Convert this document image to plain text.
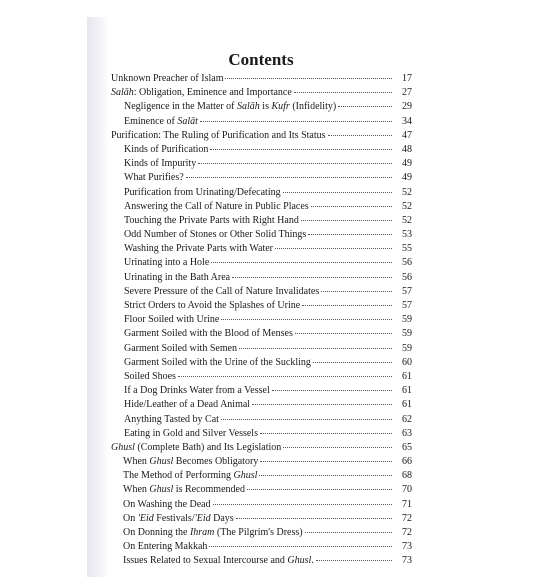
Contents
Unknown Preacher of Islam	17
Salāh: Obligation, Eminence and Importance	27
Negligence in the Matter of Salāh is Kufr (Infidelity)	29
Eminence of Salāt	34
Purification: The Ruling of Purification and Its Status	47
Kinds of Purification	48
Kinds of Impurity	49
What Purifies?	49
Purification from Urinating/Defecating	52
Answering the Call of Nature in Public Places	52
Touching the Private Parts with Right Hand	52
Odd Number of Stones or Other Solid Things	53
Washing the Private Parts with Water	55
Urinating into a Hole	56
Urinating in the Bath Area	56
Severe Pressure of the Call of Nature Invalidates	57
Strict Orders to Avoid the Splashes of Urine	57
Floor Soiled with Urine	59
Garment Soiled with the Blood of Menses	59
Garment Soiled with Semen	59
Garment Soiled with the Urine of the Suckling	60
Soiled Shoes	61
If a Dog Drinks Water from a Vessel	61
Hide/Leather of a Dead Animal	61
Anything Tasted by Cat	62
Eating in Gold and Silver Vessels	63
Ghusl (Complete Bath) and Its Legislation	65
When Ghusl Becomes Obligatory	66
The Method of Performing Ghusl	68
When Ghusl is Recommended	70
On Washing the Dead	71
On 'Eid Festivals/'Eid Days	72
On Donning the Ihram (The Pilgrim's Dress)	72
On Entering Makkah	73
Issues Related to Sexual Intercourse and Ghusl.	73
